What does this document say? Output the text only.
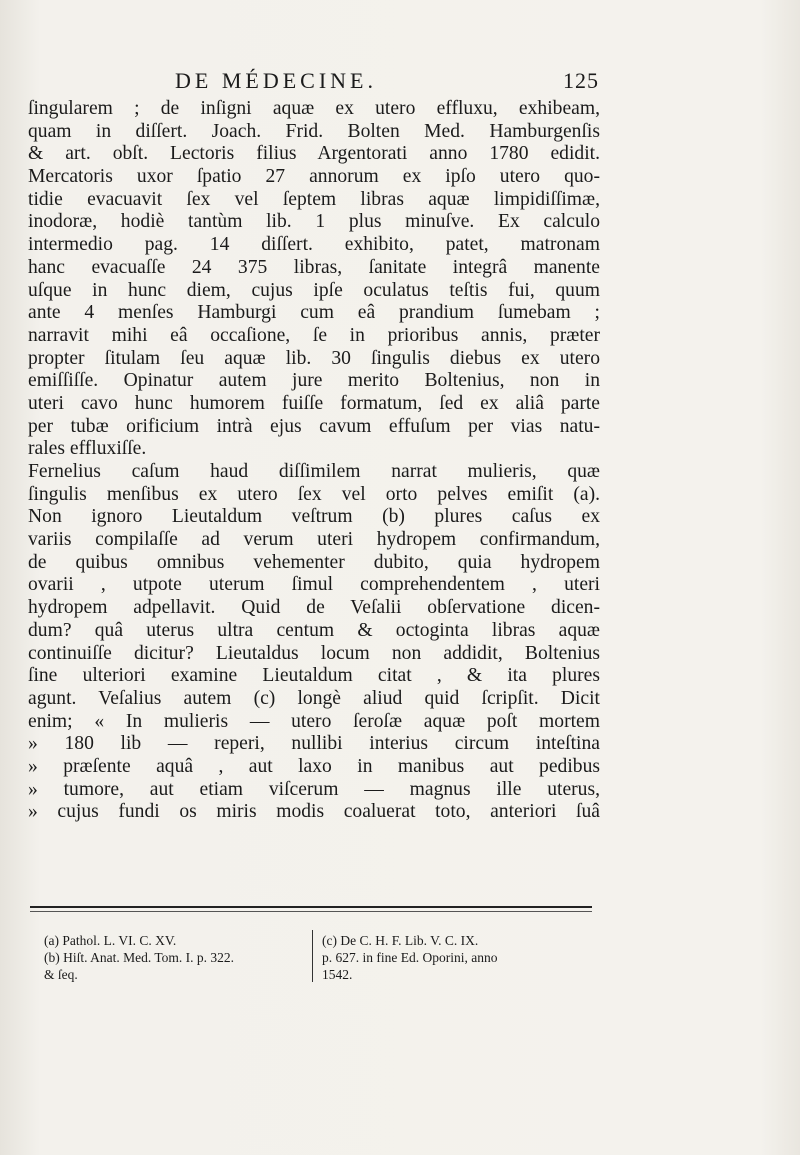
DE MÉDECINE.	125
ſingularem ; de inſigni aquæ ex utero effluxu, exhibeam,
quam in diſſert. Joach. Frid. Bolten Med. Hamburgenſis
& art. obſt. Lectoris filius Argentorati anno 1780 edidit.
Mercatoris uxor ſpatio 27 annorum ex ipſo utero quo-
tidie evacuavit ſex vel ſeptem libras aquæ limpidiſſimæ,
inodoræ, hodiè tantùm lib. 1 plus minuſve. Ex calculo
intermedio pag. 14 diſſert. exhibito, patet, matronam
hanc evacuaſſe 24 375 libras, ſanitate integrâ manente
uſque in hunc diem, cujus ipſe oculatus teſtis fui, quum
ante 4 menſes Hamburgi cum eâ prandium ſumebam ;
narravit mihi eâ occaſione, ſe in prioribus annis, præter
propter ſitulam ſeu aquæ lib. 30 ſingulis diebus ex utero
emiſſiſſe. Opinatur autem jure merito Boltenius, non in
uteri cavo hunc humorem fuiſſe formatum, ſed ex aliâ parte
per tubæ orificium intrà ejus cavum effuſum per vias natu-
rales effluxiſſe.
Fernelius caſum haud diſſimilem narrat mulieris, quæ
ſingulis menſibus ex utero ſex vel orto pelves emiſit (a).
Non ignoro Lieutaldum veſtrum (b) plures caſus ex
variis compilaſſe ad verum uteri hydropem confirmandum,
de quibus omnibus vehementer dubito, quia hydropem
ovarii , utpote uterum ſimul comprehendentem , uteri
hydropem adpellavit. Quid de Veſalii obſervatione dicen-
dum? quâ uterus ultra centum & octoginta libras aquæ
continuiſſe dicitur? Lieutaldus locum non addidit, Boltenius
ſine ulteriori examine Lieutaldum citat , & ita plures
agunt. Veſalius autem (c) longè aliud quid ſcripſit. Dicit
enim; « In mulieris — utero ſeroſæ aquæ poſt mortem
» 180 lib — reperi, nullibi interius circum inteſtina
» præſente aquâ , aut laxo in manibus aut pedibus
» tumore, aut etiam viſcerum — magnus ille uterus,
» cujus fundi os miris modis coaluerat toto, anteriori ſuâ
(a) Pathol. L. VI. C. XV.
(b) Hiſt. Anat. Med. Tom. I. p. 322.
& ſeq.
(c) De C. H. F. Lib. V. C. IX.
p. 627. in fine Ed. Oporini, anno
1542.
